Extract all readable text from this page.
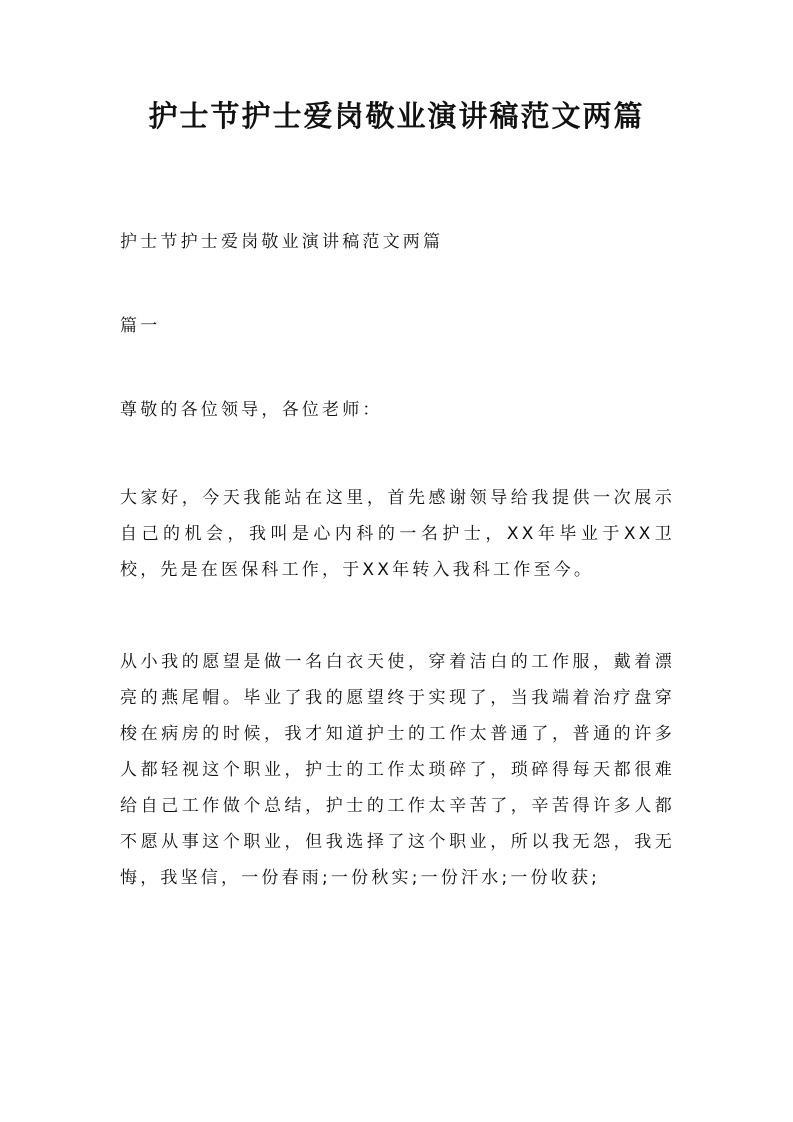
护士节护士爱岗敬业演讲稿范文两篇

护士节护士爱岗敬业演讲稿范文两篇

篇一

尊敬的各位领导，各位老师：

大家好，今天我能站在这里，首先感谢领导给我提供一次展示自己的机会，我叫是心内科的一名护士，XX年毕业于XX卫校，先是在医保科工作，于XX年转入我科工作至今。

从小我的愿望是做一名白衣天使，穿着洁白的工作服，戴着漂亮的燕尾帽。毕业了我的愿望终于实现了，当我端着治疗盘穿梭在病房的时候，我才知道护士的工作太普通了，普通的许多人都轻视这个职业，护士的工作太琐碎了，琐碎得每天都很难给自己工作做个总结，护士的工作太辛苦了，辛苦得许多人都不愿从事这个职业，但我选择了这个职业，所以我无怨，我无悔，我坚信，一份春雨;一份秋实;一份汗水;一份收获;
